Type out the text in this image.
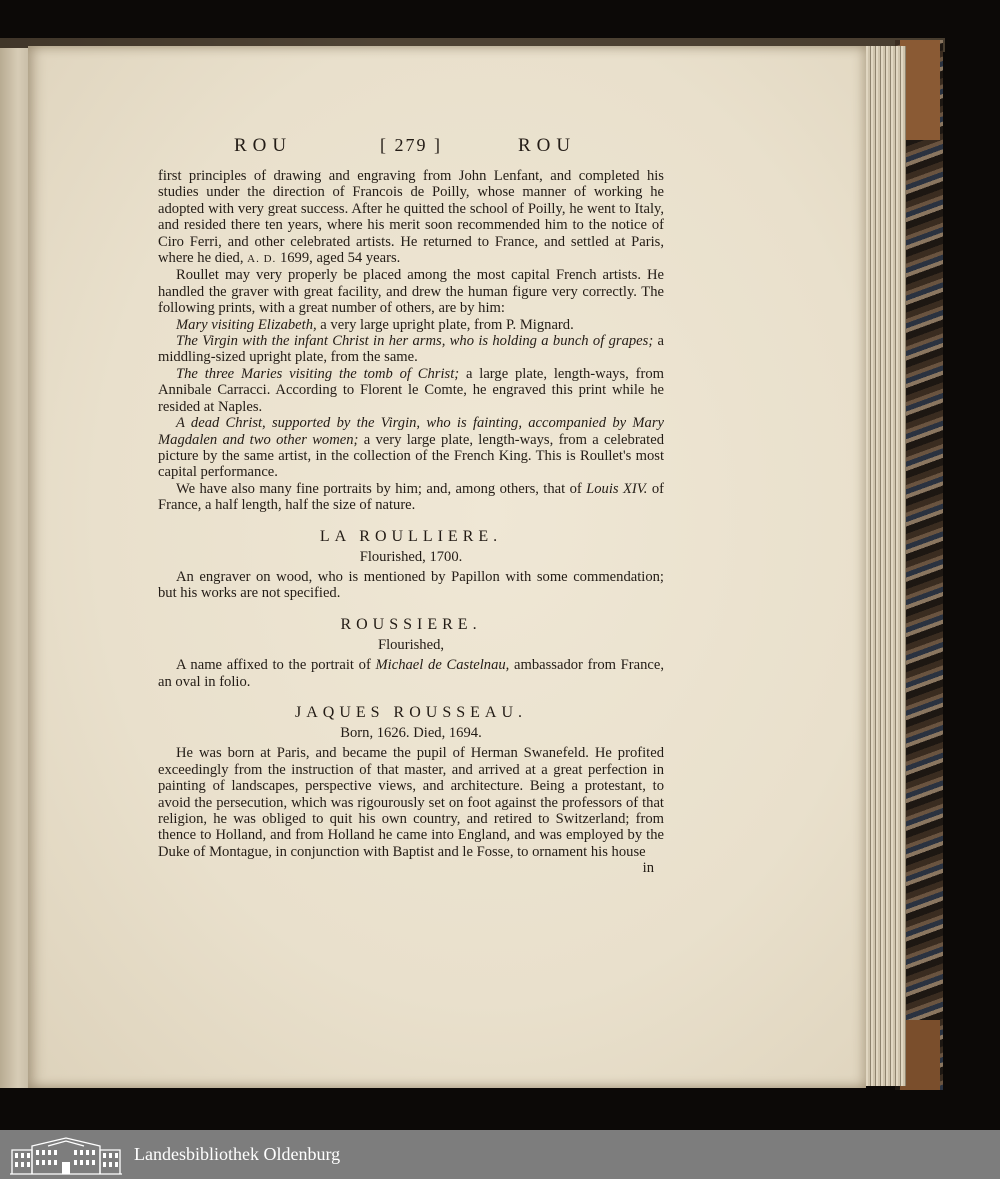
ROU	[ 279 ]	ROU

first principles of drawing and engraving from John Lenfant, and completed his studies under the direction of Francois de Poilly, whose manner of working he adopted with very great success. After he quitted the school of Poilly, he went to Italy, and resided there ten years, where his merit soon recommended him to the notice of Ciro Ferri, and other celebrated artists. He returned to France, and settled at Paris, where he died, A. D. 1699, aged 54 years.

Roullet may very properly be placed among the most capital French artists. He handled the graver with great facility, and drew the human figure very correctly. The following prints, with a great number of others, are by him:

Mary visiting Elizabeth, a very large upright plate, from P. Mignard.

The Virgin with the infant Christ in her arms, who is holding a bunch of grapes; a middling-sized upright plate, from the same.

The three Maries visiting the tomb of Christ; a large plate, length-ways, from Annibale Carracci. According to Florent le Comte, he engraved this print while he resided at Naples.

A dead Christ, supported by the Virgin, who is fainting, accompanied by Mary Magdalen and two other women; a very large plate, length-ways, from a celebrated picture by the same artist, in the collection of the French King. This is Roullet's most capital performance.

We have also many fine portraits by him; and, among others, that of Louis XIV. of France, a half length, half the size of nature.

LA ROULLIERE.
Flourished, 1700.

An engraver on wood, who is mentioned by Papillon with some commendation; but his works are not specified.

ROUSSIERE.
Flourished,

A name affixed to the portrait of Michael de Castelnau, ambassador from France, an oval in folio.

JAQUES ROUSSEAU.
Born, 1626. Died, 1694.

He was born at Paris, and became the pupil of Herman Swanefeld. He profited exceedingly from the instruction of that master, and arrived at a great perfection in painting of landscapes, perspective views, and architecture. Being a protestant, to avoid the persecution, which was rigourously set on foot against the professors of that religion, he was obliged to quit his own country, and retired to Switzerland; from thence to Holland, and from Holland he came into England, and was employed by the Duke of Montague, in conjunction with Baptist and le Fosse, to ornament his house

in

Landesbibliothek Oldenburg
